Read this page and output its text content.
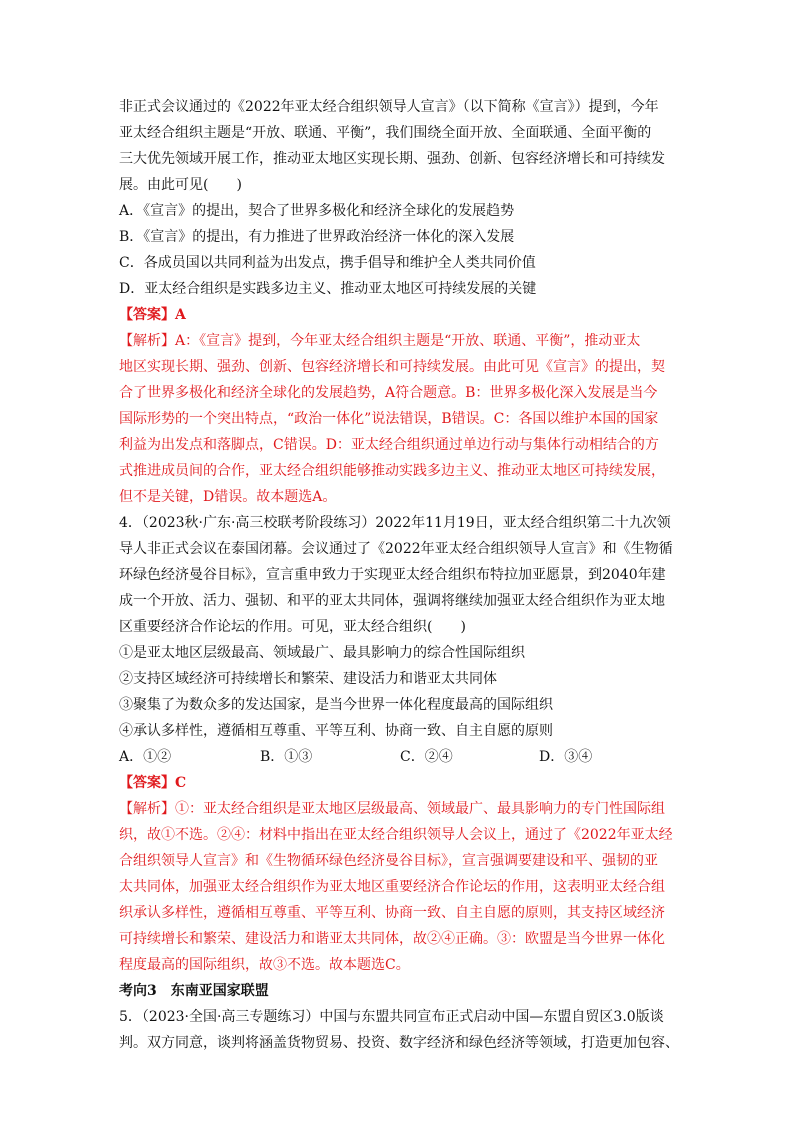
非正式会议通过的《2022年亚太经合组织领导人宣言》（以下简称《宣言》）提到，今年

亚太经合组织主题是“开放、联通、平衡”，我们围绕全面开放、全面联通、全面平衡的

三大优先领域开展工作，推动亚太地区实现长期、强劲、创新、包容经济增长和可持续发

展。由此可见(　　)

A．《宣言》的提出，契合了世界多极化和经济全球化的发展趋势

B．《宣言》的提出，有力推进了世界政治经济一体化的深入发展

C．各成员国以共同利益为出发点，携手倡导和维护全人类共同价值

D．亚太经合组织是实践多边主义、推动亚太地区可持续发展的关键

【答案】A

【解析】A：《宣言》提到，今年亚太经合组织主题是“开放、联通、平衡”，推动亚太

地区实现长期、强劲、创新、包容经济增长和可持续发展。由此可见《宣言》的提出，契

合了世界多极化和经济全球化的发展趋势，A符合题意。B：世界多极化深入发展是当今

国际形势的一个突出特点，“政治一体化”说法错误，B错误。C：各国以维护本国的国家

利益为出发点和落脚点，C错误。D：亚太经合组织通过单边行动与集体行动相结合的方

式推进成员间的合作，亚太经合组织能够推动实践多边主义、推动亚太地区可持续发展，

但不是关键，D错误。故本题选A。

4．（2023秋·广东·高三校联考阶段练习）2022年11月19日，亚太经合组织第二十九次领

导人非正式会议在泰国闭幕。会议通过了《2022年亚太经合组织领导人宣言》和《生物循

环绿色经济曼谷目标》，宣言重申致力于实现亚太经合组织布特拉加亚愿景，到2040年建

成一个开放、活力、强韧、和平的亚太共同体，强调将继续加强亚太经合组织作为亚太地

区重要经济合作论坛的作用。可见，亚太经合组织(　　)

①是亚太地区层级最高、领域最广、最具影响力的综合性国际组织

②支持区域经济可持续增长和繁荣、建设活力和谐亚太共同体

③聚集了为数众多的发达国家，是当今世界一体化程度最高的国际组织

④承认多样性，遵循相互尊重、平等互利、协商一致、自主自愿的原则

A．①②	B．①③	C．②④	D．③④

【答案】C

【解析】①：亚太经合组织是亚太地区层级最高、领域最广、最具影响力的专门性国际组

织，故①不选。②④：材料中指出在亚太经合组织领导人会议上，通过了《2022年亚太经

合组织领导人宣言》和《生物循环绿色经济曼谷目标》，宣言强调要建设和平、强韧的亚

太共同体，加强亚太经合组织作为亚太地区重要经济合作论坛的作用，这表明亚太经合组

织承认多样性，遵循相互尊重、平等互利、协商一致、自主自愿的原则，其支持区域经济

可持续增长和繁荣、建设活力和谐亚太共同体，故②④正确。③：欧盟是当今世界一体化

程度最高的国际组织，故③不选。故本题选C。

考向3　东南亚国家联盟

5．（2023·全国·高三专题练习）中国与东盟共同宣布正式启动中国—东盟自贸区3.0版谈

判。双方同意，谈判将涵盖货物贸易、投资、数字经济和绿色经济等领域，打造更加包容、
